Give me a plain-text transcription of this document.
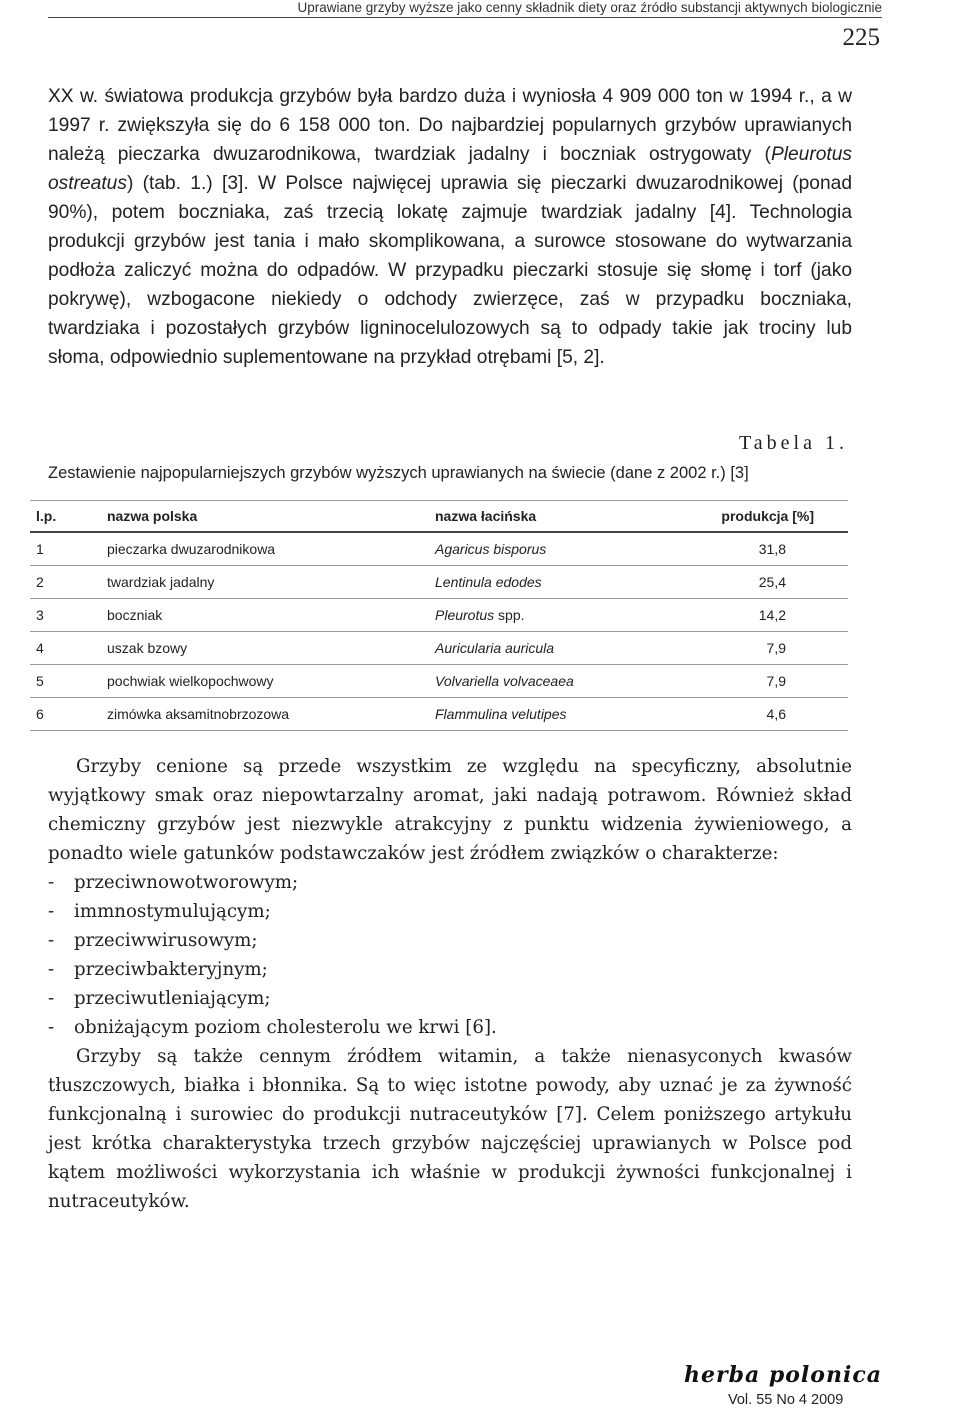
Uprawiane grzyby wyższe jako cenny składnik diety oraz źródło substancji aktywnych biologicznie
225

XX w. światowa produkcja grzybów była bardzo duża i wyniosła 4 909 000 ton w 1994 r., a w 1997 r. zwiększyła się do 6 158 000 ton. Do najbardziej popularnych grzybów uprawianych należą pieczarka dwuzarodnikowa, twardziak jadalny i boczniak ostrygowaty (Pleurotus ostreatus) (tab. 1.) [3]. W Polsce najwięcej uprawia się pieczarki dwuzarodnikowej (ponad 90%), potem boczniaka, zaś trzecią lokatę zajmuje twardziak jadalny [4]. Technologia produkcji grzybów jest tania i mało skomplikowana, a surowce stosowane do wytwarzania podłoża zaliczyć można do odpadów. W przypadku pieczarki stosuje się słomę i torf (jako pokrywę), wzbogacone niekiedy o odchody zwierzęce, zaś w przypadku boczniaka, twardziaka i pozostałych grzybów ligninocelulozowych są to odpady takie jak trociny lub słoma, odpowiednio suplementowane na przykład otrębami [5, 2].

Tabela 1.
Zestawienie najpopularniejszych grzybów wyższych uprawianych na świecie (dane z 2002 r.) [3]
l.p.	nazwa polska	nazwa łacińska	produkcja [%]
1	pieczarka dwuzarodnikowa	Agaricus bisporus	31,8
2	twardziak jadalny	Lentinula edodes	25,4
3	boczniak	Pleurotus spp.	14,2
4	uszak bzowy	Auricularia auricula	7,9
5	pochwiak wielkopochwowy	Volvariella volvaceaea	7,9
6	zimówka aksamitnobrzozowa	Flammulina velutipes	4,6

Grzyby cenione są przede wszystkim ze względu na specyficzny, absolutnie wyjątkowy smak oraz niepowtarzalny aromat, jaki nadają potrawom. Również skład chemiczny grzybów jest niezwykle atrakcyjny z punktu widzenia żywieniowego, a ponadto wiele gatunków podstawczaków jest źródłem związków o charakterze:

- przeciwnowotworowym;
- immnostymulującym;
- przeciwwirusowym;
- przeciwbakteryjnym;
- przeciwutleniającym;
- obniżającym poziom cholesterolu we krwi [6].

Grzyby są także cennym źródłem witamin, a także nienasyconych kwasów tłuszczowych, białka i błonnika. Są to więc istotne powody, aby uznać je za żywność funkcjonalną i surowiec do produkcji nutraceutyków [7]. Celem poniższego artykułu jest krótka charakterystyka trzech grzybów najczęściej uprawianych w Polsce pod kątem możliwości wykorzystania ich właśnie w produkcji żywności funkcjonalnej i nutraceutyków.

herba polonica
Vol. 55 No 4 2009
